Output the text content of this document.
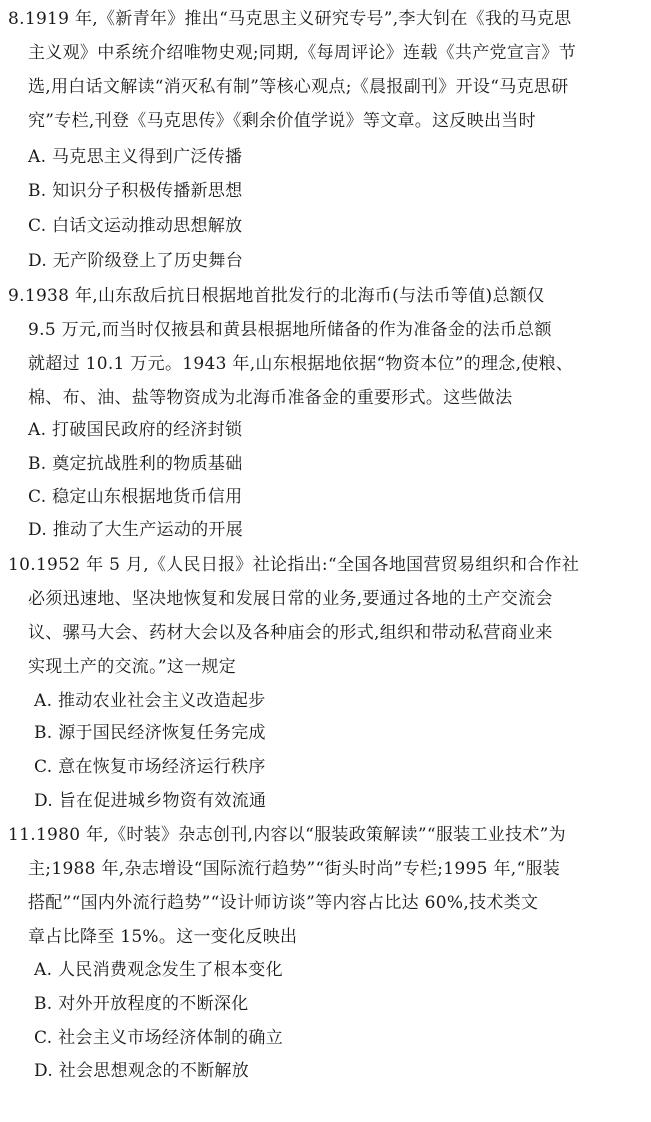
8.1919 年,《新青年》推出“马克思主义研究专号”,李大钊在《我的马克思
主义观》中系统介绍唯物史观;同期,《每周评论》连载《共产党宣言》节
选,用白话文解读“消灭私有制”等核心观点;《晨报副刊》开设“马克思研
究”专栏,刊登《马克思传》《剩余价值学说》等文章。这反映出当时
A. 马克思主义得到广泛传播
B. 知识分子积极传播新思想
C. 白话文运动推动思想解放
D. 无产阶级登上了历史舞台
9.1938 年,山东敌后抗日根据地首批发行的北海币(与法币等值)总额仅
9.5 万元,而当时仅掖县和黄县根据地所储备的作为准备金的法币总额
就超过 10.1 万元。1943 年,山东根据地依据“物资本位”的理念,使粮、
棉、布、油、盐等物资成为北海币准备金的重要形式。这些做法
A. 打破国民政府的经济封锁
B. 奠定抗战胜利的物质基础
C. 稳定山东根据地货币信用
D. 推动了大生产运动的开展
10.1952 年 5 月,《人民日报》社论指出:“全国各地国营贸易组织和合作社
必须迅速地、坚决地恢复和发展日常的业务,要通过各地的土产交流会
议、骡马大会、药材大会以及各种庙会的形式,组织和带动私营商业来
实现土产的交流。”这一规定
A. 推动农业社会主义改造起步
B. 源于国民经济恢复任务完成
C. 意在恢复市场经济运行秩序
D. 旨在促进城乡物资有效流通
11.1980 年,《时装》杂志创刊,内容以“服装政策解读”“服装工业技术”为
主;1988 年,杂志增设“国际流行趋势”“街头时尚”专栏;1995 年,“服装
搭配”“国内外流行趋势”“设计师访谈”等内容占比达 60%,技术类文
章占比降至 15%。这一变化反映出
A. 人民消费观念发生了根本变化
B. 对外开放程度的不断深化
C. 社会主义市场经济体制的确立
D. 社会思想观念的不断解放
